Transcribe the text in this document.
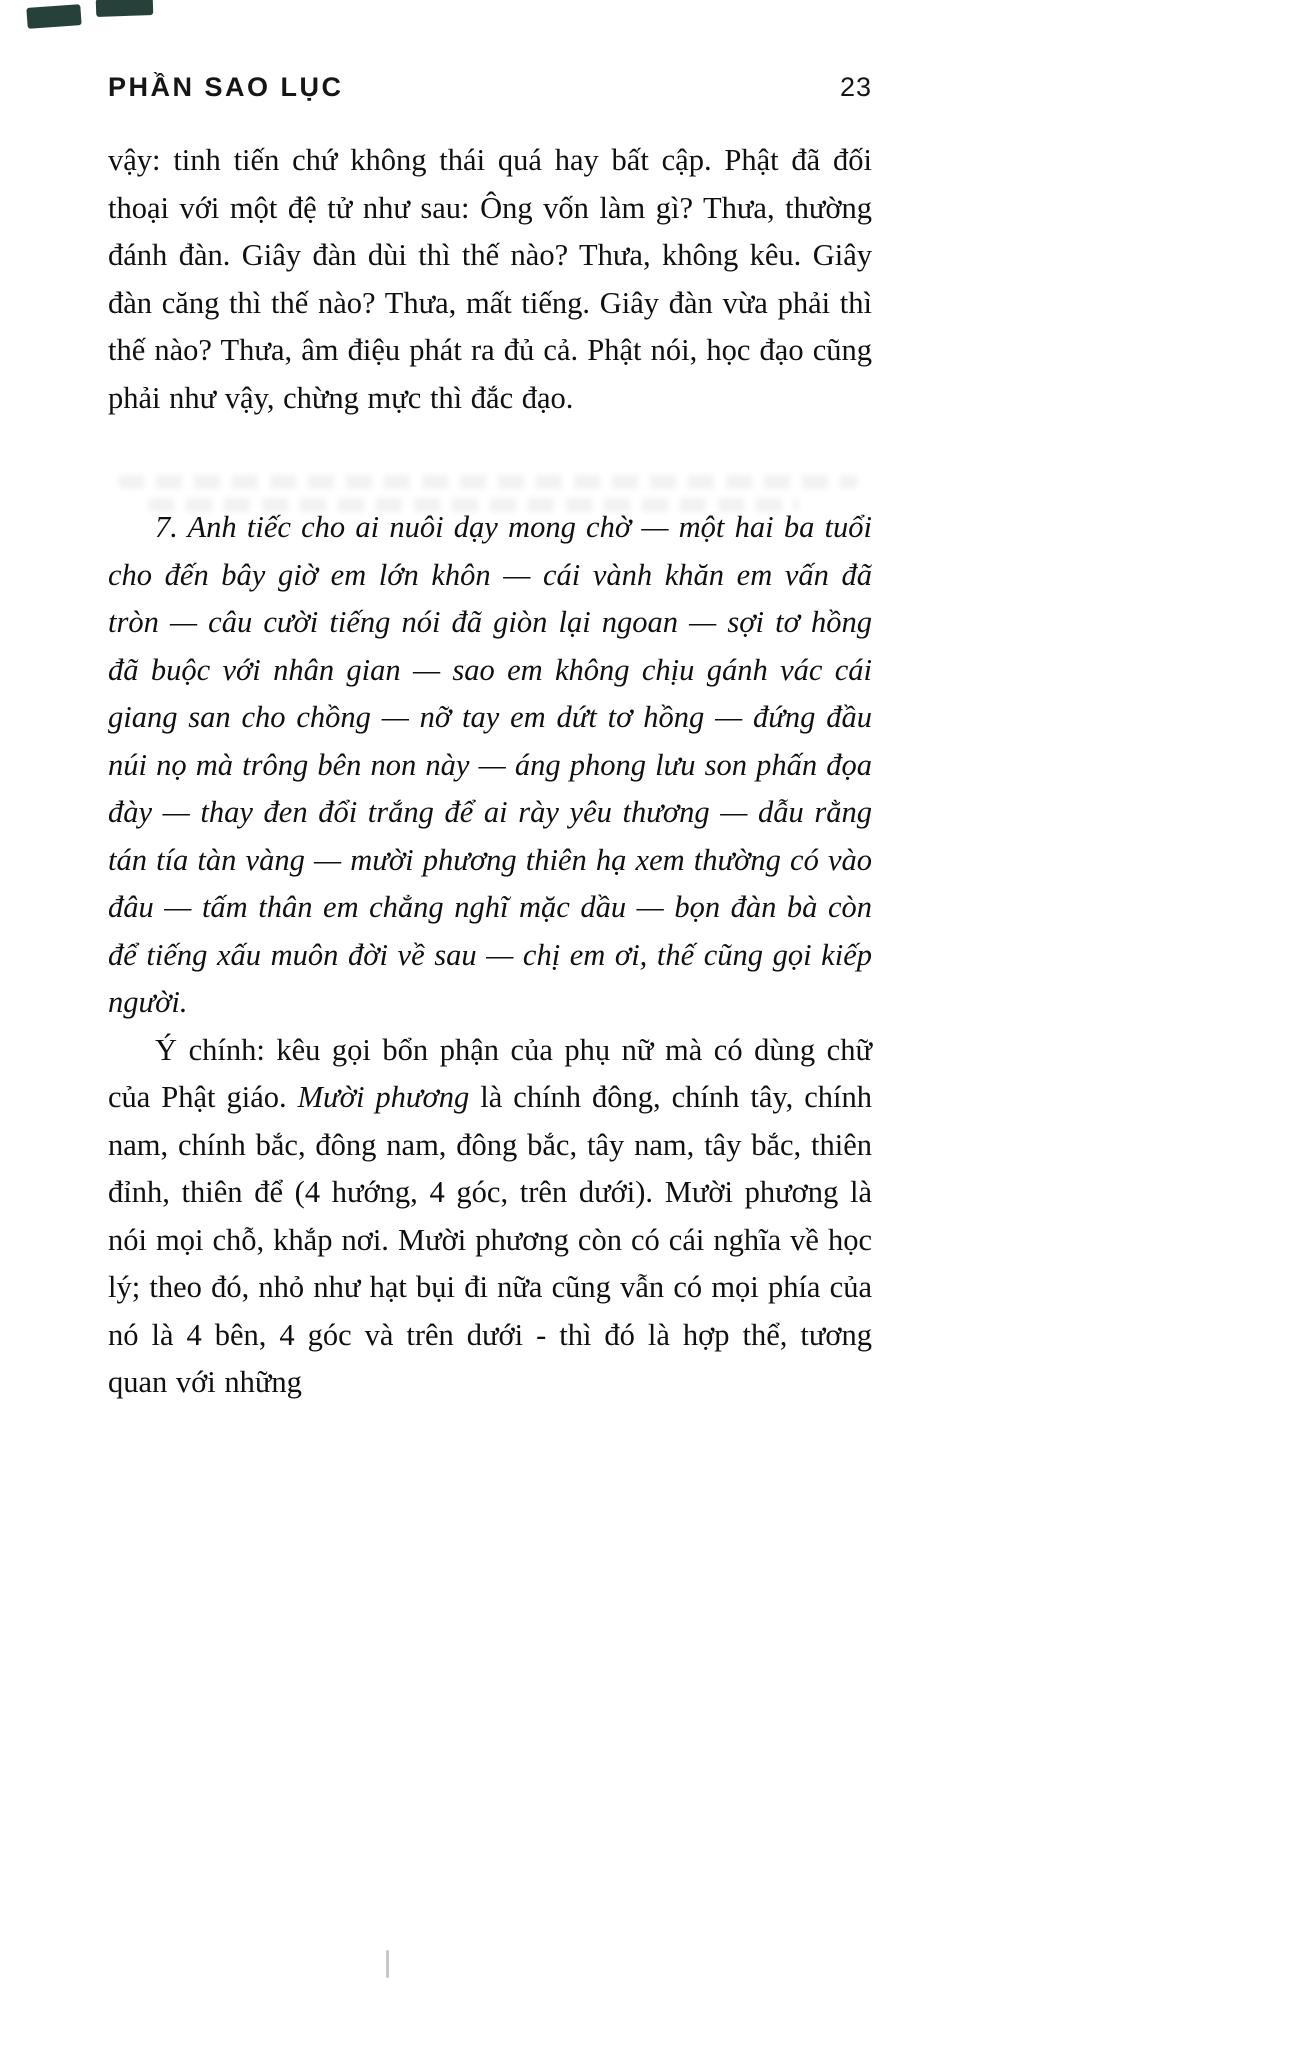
PHẦN SAO LỤC	23

vậy: tinh tiến chứ không thái quá hay bất cập. Phật đã đối thoại với một đệ tử như sau: Ông vốn làm gì? Thưa, thường đánh đàn. Giây đàn dùi thì thế nào? Thưa, không kêu. Giây đàn căng thì thế nào? Thưa, mất tiếng. Giây đàn vừa phải thì thế nào? Thưa, âm điệu phát ra đủ cả. Phật nói, học đạo cũng phải như vậy, chừng mực thì đắc đạo.

7. Anh tiếc cho ai nuôi dạy mong chờ — một hai ba tuổi cho đến bây giờ em lớn khôn — cái vành khăn em vấn đã tròn — câu cười tiếng nói đã giòn lại ngoan — sợi tơ hồng đã buộc với nhân gian — sao em không chịu gánh vác cái giang san cho chồng — nỡ tay em dứt tơ hồng — đứng đầu núi nọ mà trông bên non này — áng phong lưu son phấn đọa đày — thay đen đổi trắng để ai rày yêu thương — dẫu rằng tán tía tàn vàng — mười phương thiên hạ xem thường có vào đâu — tấm thân em chẳng nghĩ mặc dầu — bọn đàn bà còn để tiếng xấu muôn đời về sau — chị em ơi, thế cũng gọi kiếp người.

Ý chính: kêu gọi bổn phận của phụ nữ mà có dùng chữ của Phật giáo. Mười phương là chính đông, chính tây, chính nam, chính bắc, đông nam, đông bắc, tây nam, tây bắc, thiên đỉnh, thiên để (4 hướng, 4 góc, trên dưới). Mười phương là nói mọi chỗ, khắp nơi. Mười phương còn có cái nghĩa về học lý; theo đó, nhỏ như hạt bụi đi nữa cũng vẫn có mọi phía của nó là 4 bên, 4 góc và trên dưới - thì đó là hợp thể, tương quan với những
